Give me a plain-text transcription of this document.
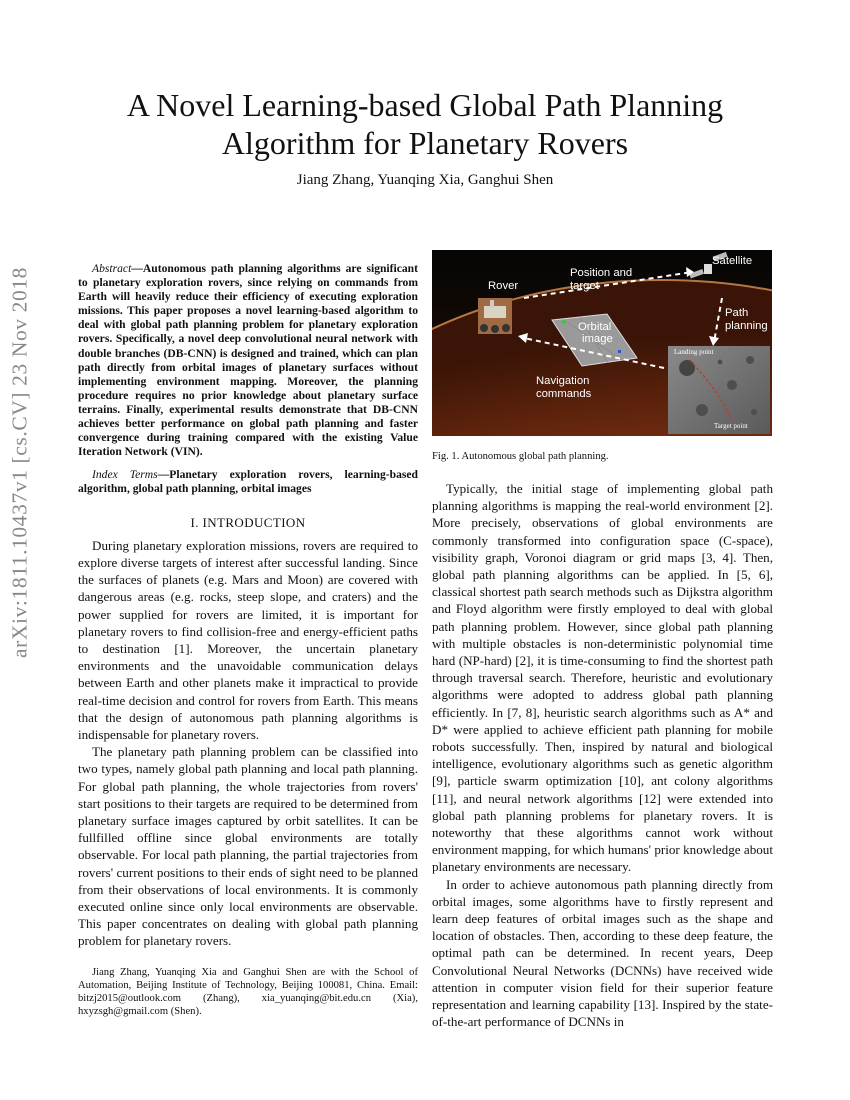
arXiv:1811.10437v1 [cs.CV] 23 Nov 2018
A Novel Learning-based Global Path Planning
Algorithm for Planetary Rovers
Jiang Zhang, Yuanqing Xia, Ganghui Shen

Abstract—Autonomous path planning algorithms are significant to planetary exploration rovers, since relying on commands from Earth will heavily reduce their efficiency of executing exploration missions. This paper proposes a novel learning-based algorithm to deal with global path planning problem for planetary exploration rovers. Specifically, a novel deep convolutional neural network with double branches (DB-CNN) is designed and trained, which can plan path directly from orbital images of planetary surfaces without implementing environment mapping. Moreover, the planning procedure requires no prior knowledge about planetary surface terrains. Finally, experimental results demonstrate that DB-CNN achieves better performance on global path planning and faster convergence during training compared with the existing Value Iteration Network (VIN).

Index Terms—Planetary exploration rovers, learning-based algorithm, global path planning, orbital images

I. INTRODUCTION

During planetary exploration missions, rovers are required to explore diverse targets of interest after successful landing. Since the surfaces of planets (e.g. Mars and Moon) are covered with dangerous areas (e.g. rocks, steep slope, and craters) and the power supplied for rovers are limited, it is important for planetary rovers to find collision-free and energy-efficient paths to destination [1]. Moreover, the uncertain planetary environments and the unavoidable communication delays between Earth and other planets make it impractical to provide real-time decision and control for rovers from Earth. This means that the design of autonomous path planning algorithms is indispensable for planetary rovers.

The planetary path planning problem can be classified into two types, namely global path planning and local path planning. For global path planning, the whole trajectories from rovers' start positions to their targets are required to be determined from planetary surface images captured by orbit satellites. It can be fullfilled offline since global environments are totally observable. For local path planning, the partial trajectories from rovers' current positions to their ends of sight need to be planned from their observations of local environments. It is commonly executed online since only local environments are observable. This paper concentrates on dealing with global path planning problem for planetary rovers.

Jiang Zhang, Yuanqing Xia and Ganghui Shen are with the School of Automation, Beijing Institute of Technology, Beijing 100081, China. Email: bitzj2015@outlook.com (Zhang), xia_yuanqing@bit.edu.cn (Xia), hxyzsgh@gmail.com (Shen).

Rover
Position and
target
Satellite
Path
planning
Orbital
image
Navigation
commands
Landing point
Target point
Fig. 1. Autonomous global path planning.

Typically, the initial stage of implementing global path planning algorithms is mapping the real-world environment [2]. More precisely, observations of global environments are commonly transformed into configuration space (C-space), visibility graph, Voronoi diagram or grid maps [3, 4]. Then, global path planning algorithms can be applied. In [5, 6], classical shortest path search methods such as Dijkstra algorithm and Floyd algorithm were firstly employed to deal with global path planning problem. However, since global path planning with multiple obstacles is non-deterministic polynomial time hard (NP-hard) [2], it is time-consuming to find the shortest path through traversal search. Therefore, heuristic and evolutionary algorithms were adopted to address global path planning efficiently. In [7, 8], heuristic search algorithms such as A* and D* were applied to achieve efficient path planning for mobile robots successfully. Then, inspired by natural and biological intelligence, evolutionary algorithms such as genetic algorithm [9], particle swarm optimization [10], ant colony algorithms [11], and neural network algorithms [12] were extended into global path planning problems for planetary rovers. It is noteworthy that these algorithms cannot work without environment mapping, for which humans' prior knowledge about planetary environments are necessary.

In order to achieve autonomous path planning directly from orbital images, some algorithms have to firstly represent and learn deep features of orbital images such as the shape and location of obstacles. Then, according to these deep feature, the optimal path can be determined. In recent years, Deep Convolutional Neural Networks (DCNNs) have received wide attention in computer vision field for their superior feature representation and learning capability [13]. Inspired by the state-of-the-art performance of DCNNs in
